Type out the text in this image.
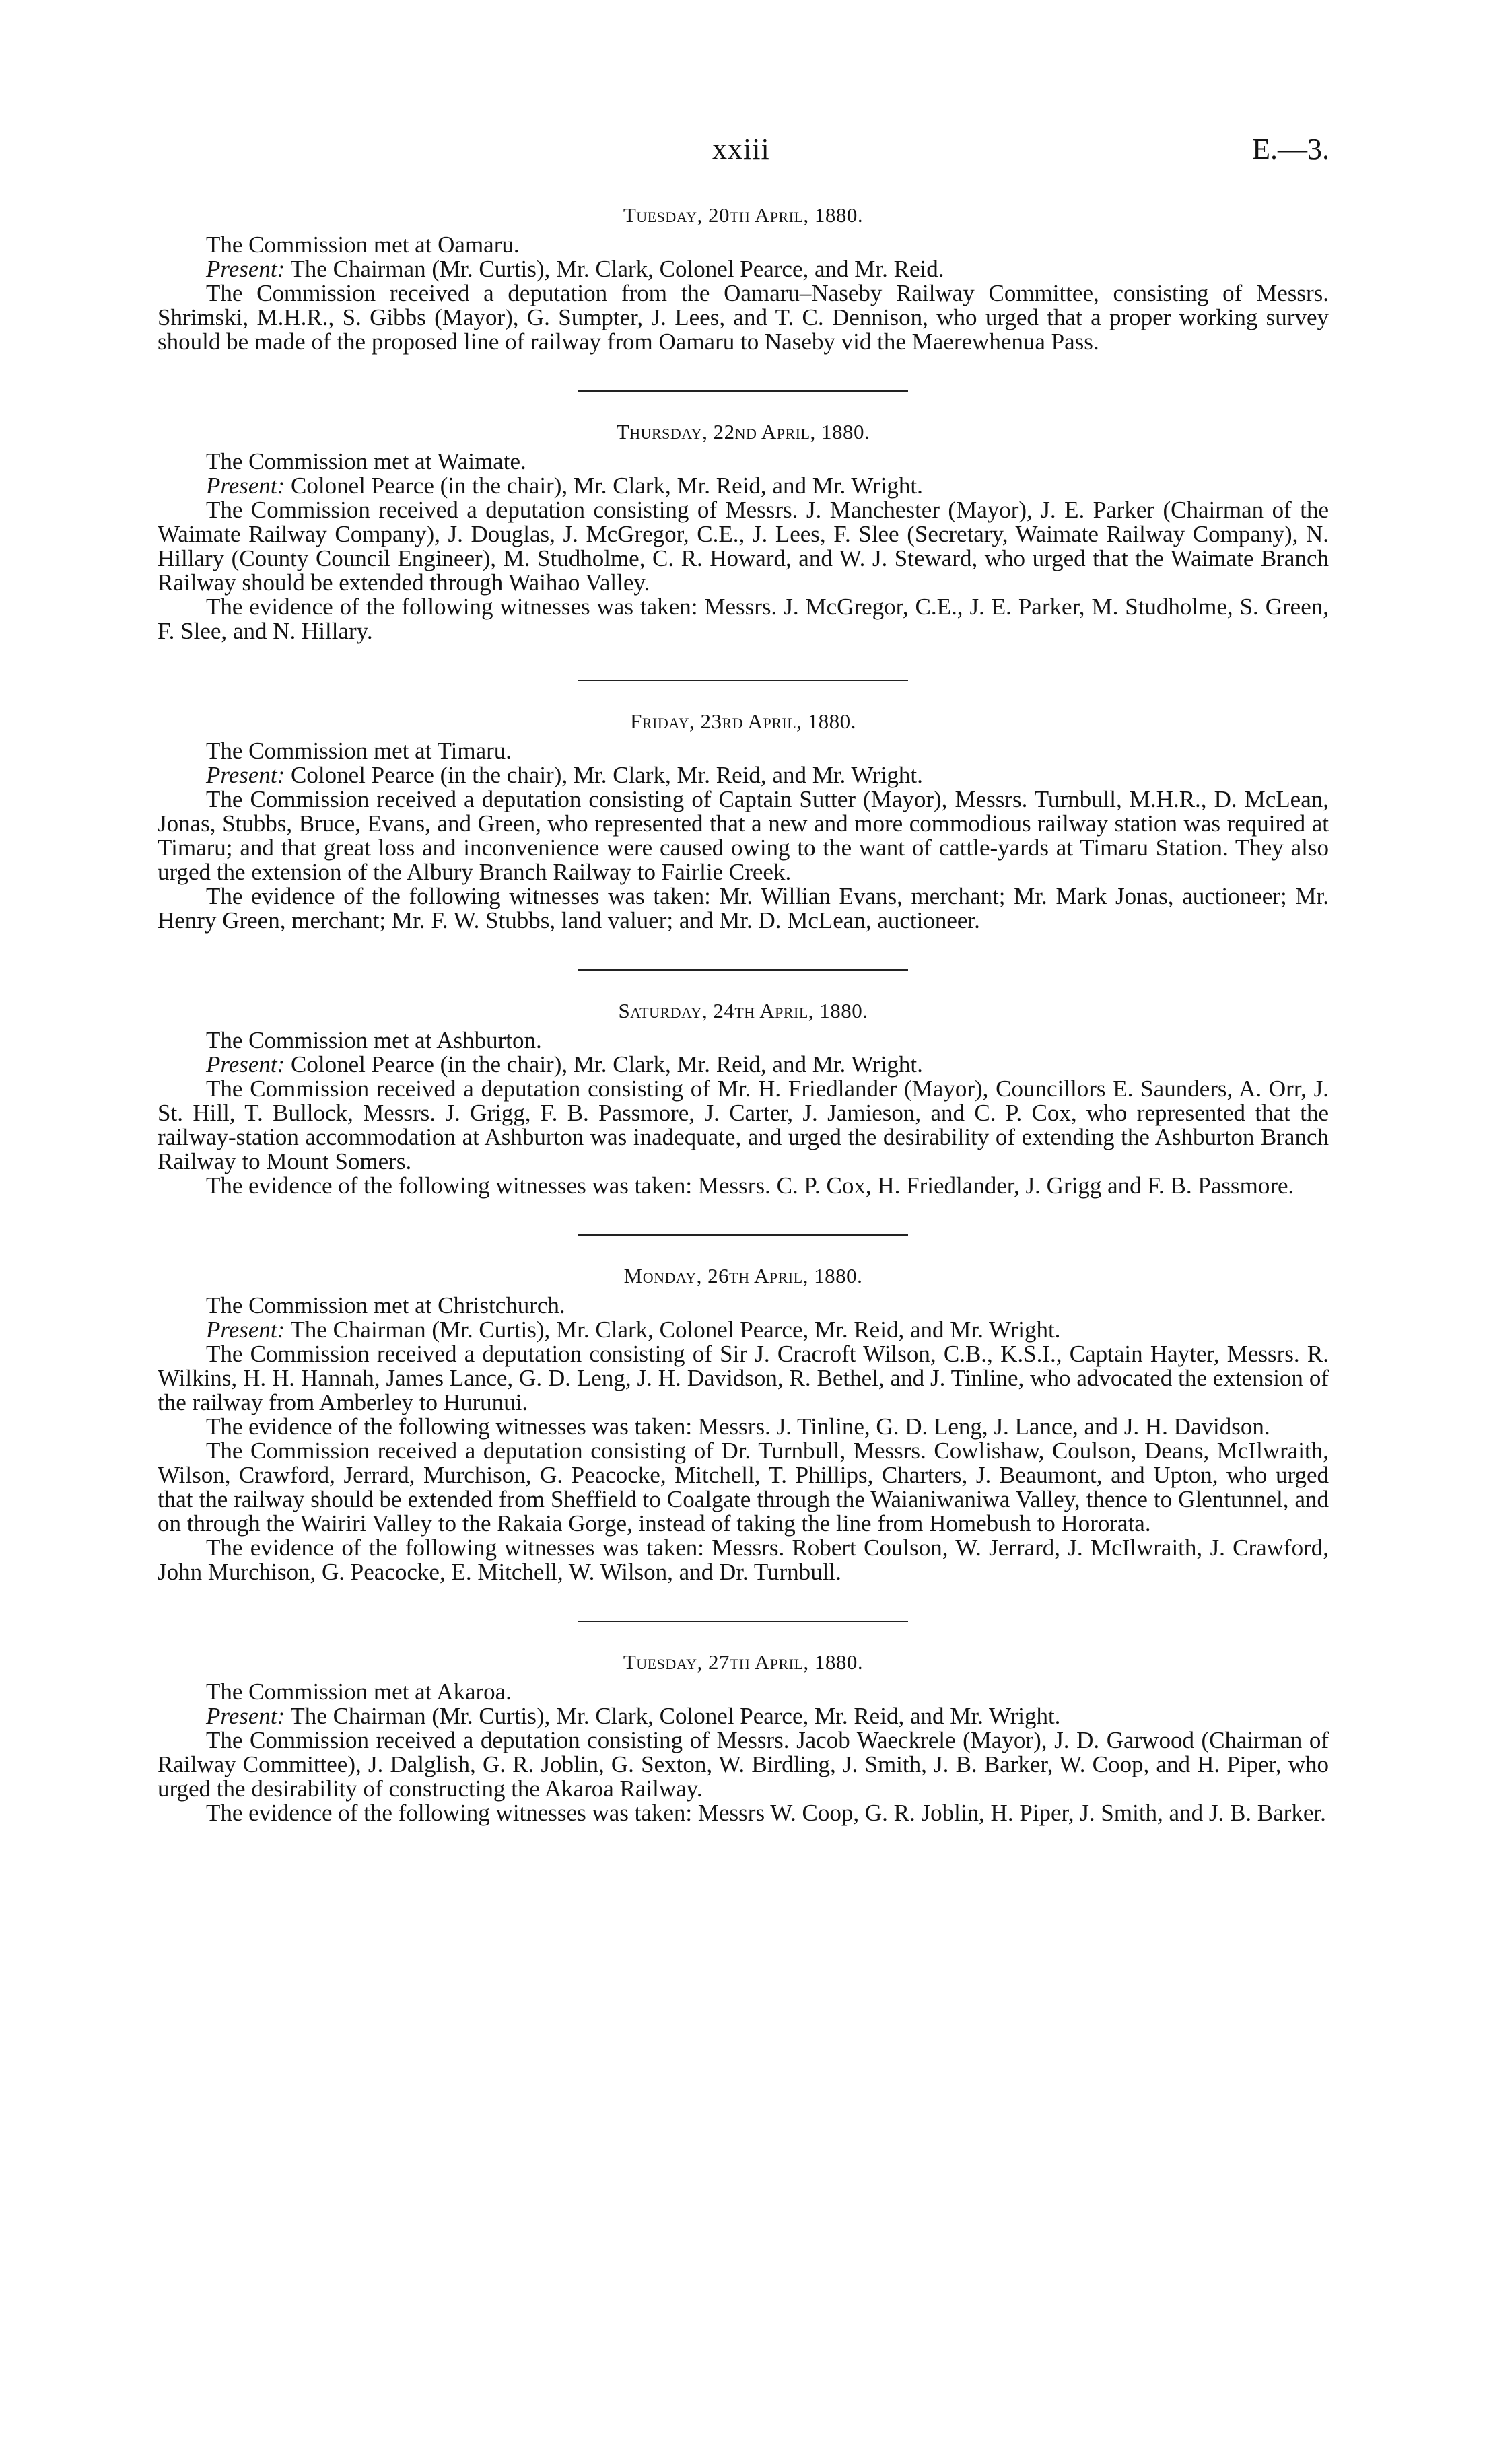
xxiii	E.—3.
Tuesday, 20th April, 1880.

The Commission met at Oamaru.

Present: The Chairman (Mr. Curtis), Mr. Clark, Colonel Pearce, and Mr. Reid.

The Commission received a deputation from the Oamaru–Naseby Railway Committee, consisting of Messrs. Shrimski, M.H.R., S. Gibbs (Mayor), G. Sumpter, J. Lees, and T. C. Dennison, who urged that a proper working survey should be made of the proposed line of railway from Oamaru to Naseby vid the Maerewhenua Pass.

Thursday, 22nd April, 1880.

The Commission met at Waimate.

Present: Colonel Pearce (in the chair), Mr. Clark, Mr. Reid, and Mr. Wright.

The Commission received a deputation consisting of Messrs. J. Manchester (Mayor), J. E. Parker (Chairman of the Waimate Railway Company), J. Douglas, J. McGregor, C.E., J. Lees, F. Slee (Secretary, Waimate Railway Company), N. Hillary (County Council Engineer), M. Studholme, C. R. Howard, and W. J. Steward, who urged that the Waimate Branch Railway should be extended through Waihao Valley.

The evidence of the following witnesses was taken: Messrs. J. McGregor, C.E., J. E. Parker, M. Studholme, S. Green, F. Slee, and N. Hillary.

Friday, 23rd April, 1880.

The Commission met at Timaru.

Present: Colonel Pearce (in the chair), Mr. Clark, Mr. Reid, and Mr. Wright.

The Commission received a deputation consisting of Captain Sutter (Mayor), Messrs. Turnbull, M.H.R., D. McLean, Jonas, Stubbs, Bruce, Evans, and Green, who represented that a new and more commodious railway station was required at Timaru; and that great loss and inconvenience were caused owing to the want of cattle-yards at Timaru Station. They also urged the extension of the Albury Branch Railway to Fairlie Creek.

The evidence of the following witnesses was taken: Mr. Willian Evans, merchant; Mr. Mark Jonas, auctioneer; Mr. Henry Green, merchant; Mr. F. W. Stubbs, land valuer; and Mr. D. McLean, auctioneer.

Saturday, 24th April, 1880.

The Commission met at Ashburton.

Present: Colonel Pearce (in the chair), Mr. Clark, Mr. Reid, and Mr. Wright.

The Commission received a deputation consisting of Mr. H. Friedlander (Mayor), Councillors E. Saunders, A. Orr, J. St. Hill, T. Bullock, Messrs. J. Grigg, F. B. Passmore, J. Carter, J. Jamieson, and C. P. Cox, who represented that the railway-station accommodation at Ashburton was inadequate, and urged the desirability of extending the Ashburton Branch Railway to Mount Somers.

The evidence of the following witnesses was taken: Messrs. C. P. Cox, H. Friedlander, J. Grigg and F. B. Passmore.

Monday, 26th April, 1880.

The Commission met at Christchurch.

Present: The Chairman (Mr. Curtis), Mr. Clark, Colonel Pearce, Mr. Reid, and Mr. Wright.

The Commission received a deputation consisting of Sir J. Cracroft Wilson, C.B., K.S.I., Captain Hayter, Messrs. R. Wilkins, H. H. Hannah, James Lance, G. D. Leng, J. H. Davidson, R. Bethel, and J. Tinline, who advocated the extension of the railway from Amberley to Hurunui.

The evidence of the following witnesses was taken: Messrs. J. Tinline, G. D. Leng, J. Lance, and J. H. Davidson.

The Commission received a deputation consisting of Dr. Turnbull, Messrs. Cowlishaw, Coulson, Deans, McIlwraith, Wilson, Crawford, Jerrard, Murchison, G. Peacocke, Mitchell, T. Phillips, Charters, J. Beaumont, and Upton, who urged that the railway should be extended from Sheffield to Coalgate through the Waianiwaniwa Valley, thence to Glentunnel, and on through the Wairiri Valley to the Rakaia Gorge, instead of taking the line from Homebush to Hororata.

The evidence of the following witnesses was taken: Messrs. Robert Coulson, W. Jerrard, J. McIlwraith, J. Crawford, John Murchison, G. Peacocke, E. Mitchell, W. Wilson, and Dr. Turnbull.

Tuesday, 27th April, 1880.

The Commission met at Akaroa.

Present: The Chairman (Mr. Curtis), Mr. Clark, Colonel Pearce, Mr. Reid, and Mr. Wright.

The Commission received a deputation consisting of Messrs. Jacob Waeckrele (Mayor), J. D. Garwood (Chairman of Railway Committee), J. Dalglish, G. R. Joblin, G. Sexton, W. Birdling, J. Smith, J. B. Barker, W. Coop, and H. Piper, who urged the desirability of constructing the Akaroa Railway.

The evidence of the following witnesses was taken: Messrs W. Coop, G. R. Joblin, H. Piper, J. Smith, and J. B. Barker.
